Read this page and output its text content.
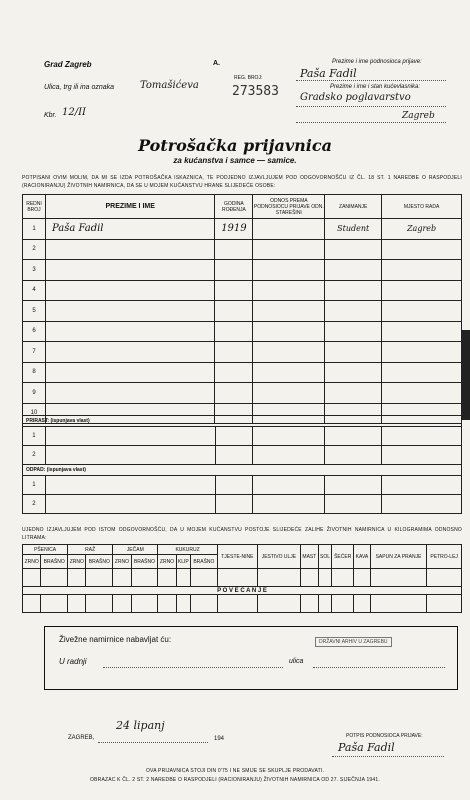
Grad Zagreb	A.	Prezime i ime podnosioca prijave:
Paša Fadil
Ulica, trg ili ina oznaka	Tomašićeva
REG. BROJ:
273583	Prezime i ime i stan kućevlasnika:
Gradsko poglavarstvo
Zagreb
Kbr. 12/II
Potrošačka prijavnica
za kućanstva i samce — samice.
POTPISANI OVIM MOLIM, DA MI SE IZDA POTROŠAČKA ISKAZNICA, TE PODJEDNO IZJAVLJUJEM POD ODGOVORNOŠĆU IZ ČL. 18 ST. 1 NAREDBE O RASPODJELI (RACIONIRANJU) ŽIVOTNIH NAMIRNICA, DA SE U MOJEM KUĆANSTVU HRANE SLIJEDEĆE OSOBE:
REDNI BROJ	PREZIME I IME	GODINA ROĐENJA	ODNOS PREMA PODNOSIOCU PRIJAVE ODN. STAREŠINI	ZANIMANJE	MJESTO RADA
1	Paša Fadil	1919		Student	Zagreb
2					
3					
4					
5					
6					
7					
8					
9					
10					
PRIRAST: (ispunjava vlast)					
1					
2					
ODPAD: (ispunjava vlast)					
1					
2					
UJEDNO IZJAVLJUJEM POD ISTOM ODGOVORNOŠĆU, DA U MOJEM KUĆANSTVU POSTOJE SLIJEDEĆE ZALIHE ŽIVOTNIH NAMIRNICA U KILOGRAMIMA ODNOSNO LITRAMA:
PŠENICA		RAŽ		JEČAM		KUKURUZ			TJESTE-NINE	JESTIVO ULJE	MAST	SOL	ŠEĆER	KAVA	SAPUN ZA PRANJE	PETRO-LEJ
ZRNO	BRAŠNO	ZRNO	BRAŠNO	ZRNO	BRAŠNO	ZRNO	KLIP	BRAŠNO								

P O V E Ć A N J E																

Živežne namirnice nabavljat ću:	DRŽAVNI ARHIV U ZAGREBU
U radnji	ulica
ZAGREB,
24 lipanj
194	POTPIS PODNOSIOCA PRIJAVE:
Paša Fadil
OVA PRIJAVNICA STOJI DIN 0'75 I NE SMIJE SE SKUPLJE PRODAVATI.
OBRAZAC K ČL. 2 ST. 2 NAREDBE O RASPODJELI (RACIONIRANJU) ŽIVOTNIH NAMIRNICA OD 27. SIJEČNJA 1941.
